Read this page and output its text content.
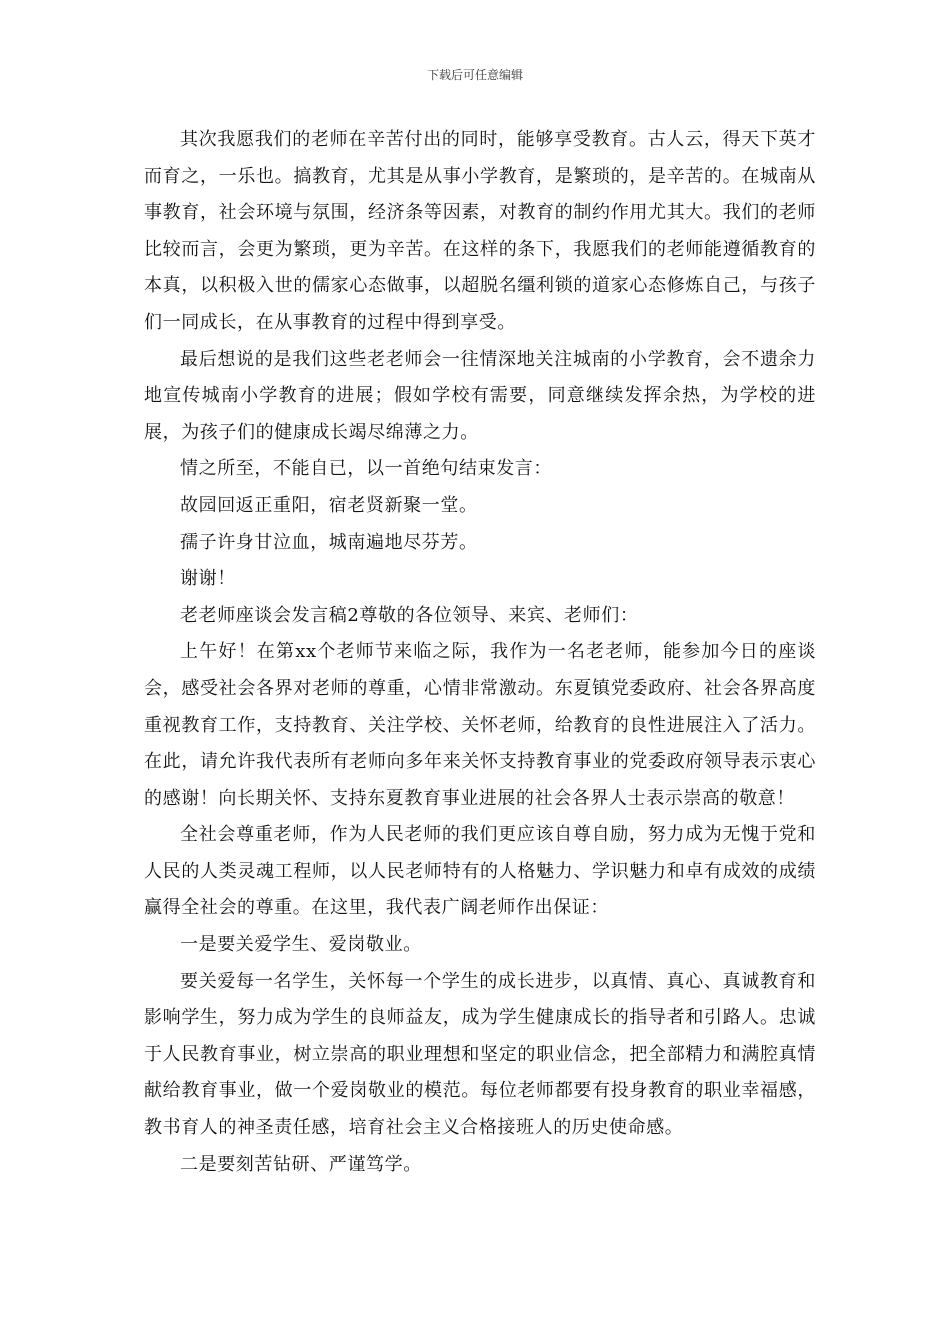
下载后可任意编辑

其次我愿我们的老师在辛苦付出的同时，能够享受教育。古人云，得天下英才而育之，一乐也。搞教育，尤其是从事小学教育，是繁琐的，是辛苦的。在城南从事教育，社会环境与氛围，经济条等因素，对教育的制约作用尤其大。我们的老师比较而言，会更为繁琐，更为辛苦。在这样的条下，我愿我们的老师能遵循教育的本真，以积极入世的儒家心态做事，以超脱名缰利锁的道家心态修炼自己，与孩子们一同成长，在从事教育的过程中得到享受。

最后想说的是我们这些老老师会一往情深地关注城南的小学教育，会不遗余力地宣传城南小学教育的进展；假如学校有需要，同意继续发挥余热，为学校的进展，为孩子们的健康成长竭尽绵薄之力。

情之所至，不能自已，以一首绝句结束发言：

故园回返正重阳，宿老贤新聚一堂。

孺子许身甘泣血，城南遍地尽芬芳。

谢谢！

老老师座谈会发言稿2尊敬的各位领导、来宾、老师们：

上午好！在第xx个老师节来临之际，我作为一名老老师，能参加今日的座谈会，感受社会各界对老师的尊重，心情非常激动。东夏镇党委政府、社会各界高度重视教育工作，支持教育、关注学校、关怀老师，给教育的良性进展注入了活力。在此，请允许我代表所有老师向多年来关怀支持教育事业的党委政府领导表示衷心的感谢！向长期关怀、支持东夏教育事业进展的社会各界人士表示崇高的敬意！

全社会尊重老师，作为人民老师的我们更应该自尊自励，努力成为无愧于党和人民的人类灵魂工程师，以人民老师特有的人格魅力、学识魅力和卓有成效的成绩赢得全社会的尊重。在这里，我代表广阔老师作出保证：

一是要关爱学生、爱岗敬业。

要关爱每一名学生，关怀每一个学生的成长进步，以真情、真心、真诚教育和影响学生，努力成为学生的良师益友，成为学生健康成长的指导者和引路人。忠诚于人民教育事业，树立崇高的职业理想和坚定的职业信念，把全部精力和满腔真情献给教育事业，做一个爱岗敬业的模范。每位老师都要有投身教育的职业幸福感，教书育人的神圣责任感，培育社会主义合格接班人的历史使命感。

二是要刻苦钻研、严谨笃学。
